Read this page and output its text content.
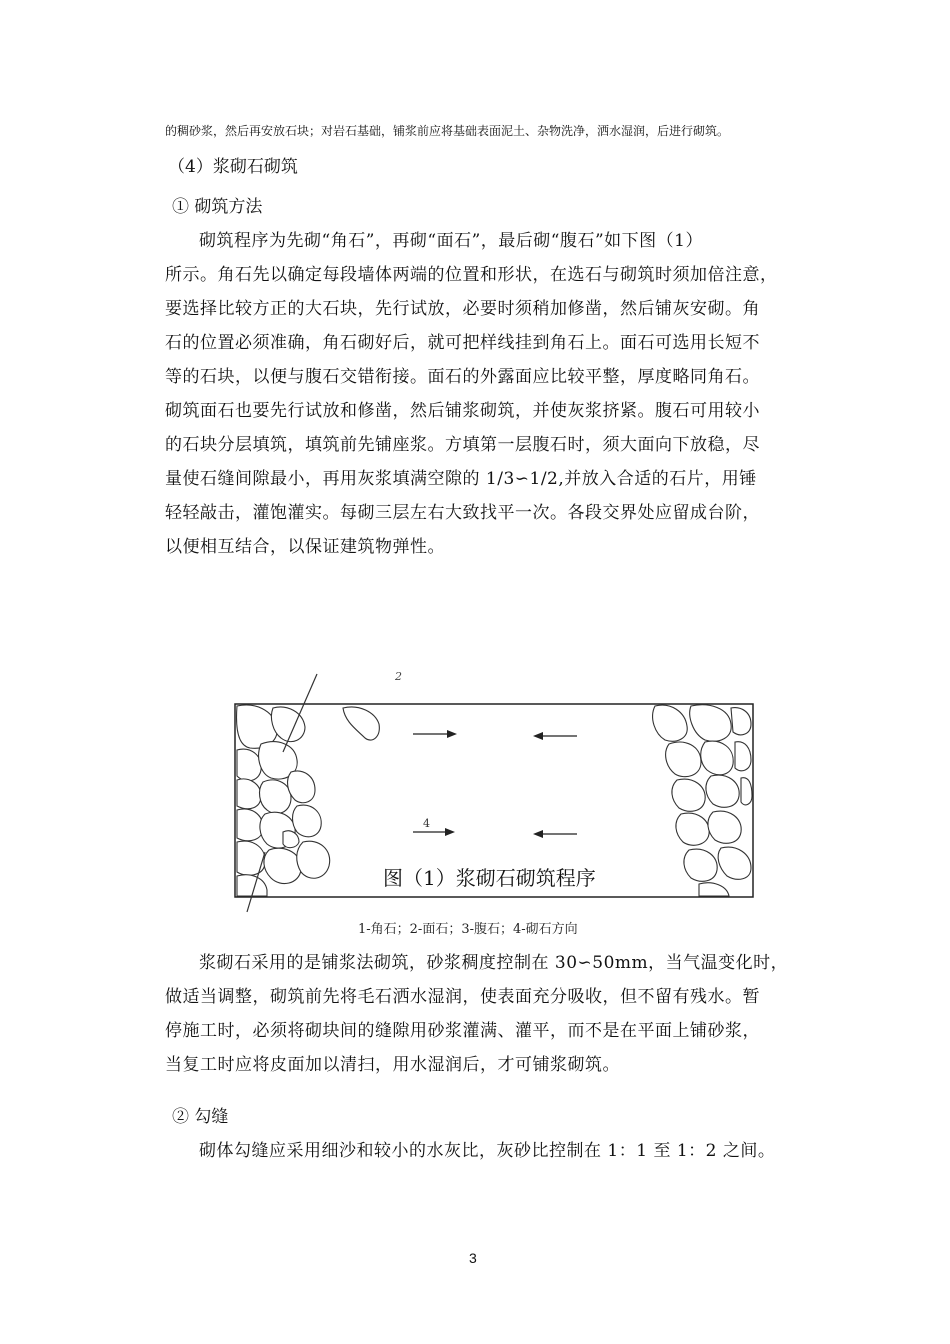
的稠砂浆，然后再安放石块；对岩石基础，铺浆前应将基础表面泥土、杂物洗净，洒水湿润，后进行砌筑。
（4）浆砌石砌筑
① 砌筑方法
砌筑程序为先砌“角石”，再砌“面石”，最后砌“腹石”如下图（1）
所示。角石先以确定每段墙体两端的位置和形状，在选石与砌筑时须加倍注意，
要选择比较方正的大石块，先行试放，必要时须稍加修凿，然后铺灰安砌。角
石的位置必须准确，角石砌好后，就可把样线挂到角石上。面石可选用长短不
等的石块，以便与腹石交错衔接。面石的外露面应比较平整，厚度略同角石。
砌筑面石也要先行试放和修凿，然后铺浆砌筑，并使灰浆挤紧。腹石可用较小
的石块分层填筑，填筑前先铺座浆。方填第一层腹石时，须大面向下放稳，尽
量使石缝间隙最小，再用灰浆填满空隙的 1/3∽1/2,并放入合适的石片，用锤
轻轻敲击，灌饱灌实。每砌三层左右大致找平一次。各段交界处应留成台阶，
以便相互结合，以保证建筑物弹性。
2
4
图（1）浆砌石砌筑程序
1-角石；2-面石；3-腹石；4-砌石方向
浆砌石采用的是铺浆法砌筑，砂浆稠度控制在 30∽50mm，当气温变化时，
做适当调整，砌筑前先将毛石洒水湿润，使表面充分吸收，但不留有残水。暂
停施工时，必须将砌块间的缝隙用砂浆灌满、灌平，而不是在平面上铺砂浆，
当复工时应将皮面加以清扫，用水湿润后，才可铺浆砌筑。
② 勾缝
砌体勾缝应采用细沙和较小的水灰比，灰砂比控制在 1：1 至 1：2 之间。
3
